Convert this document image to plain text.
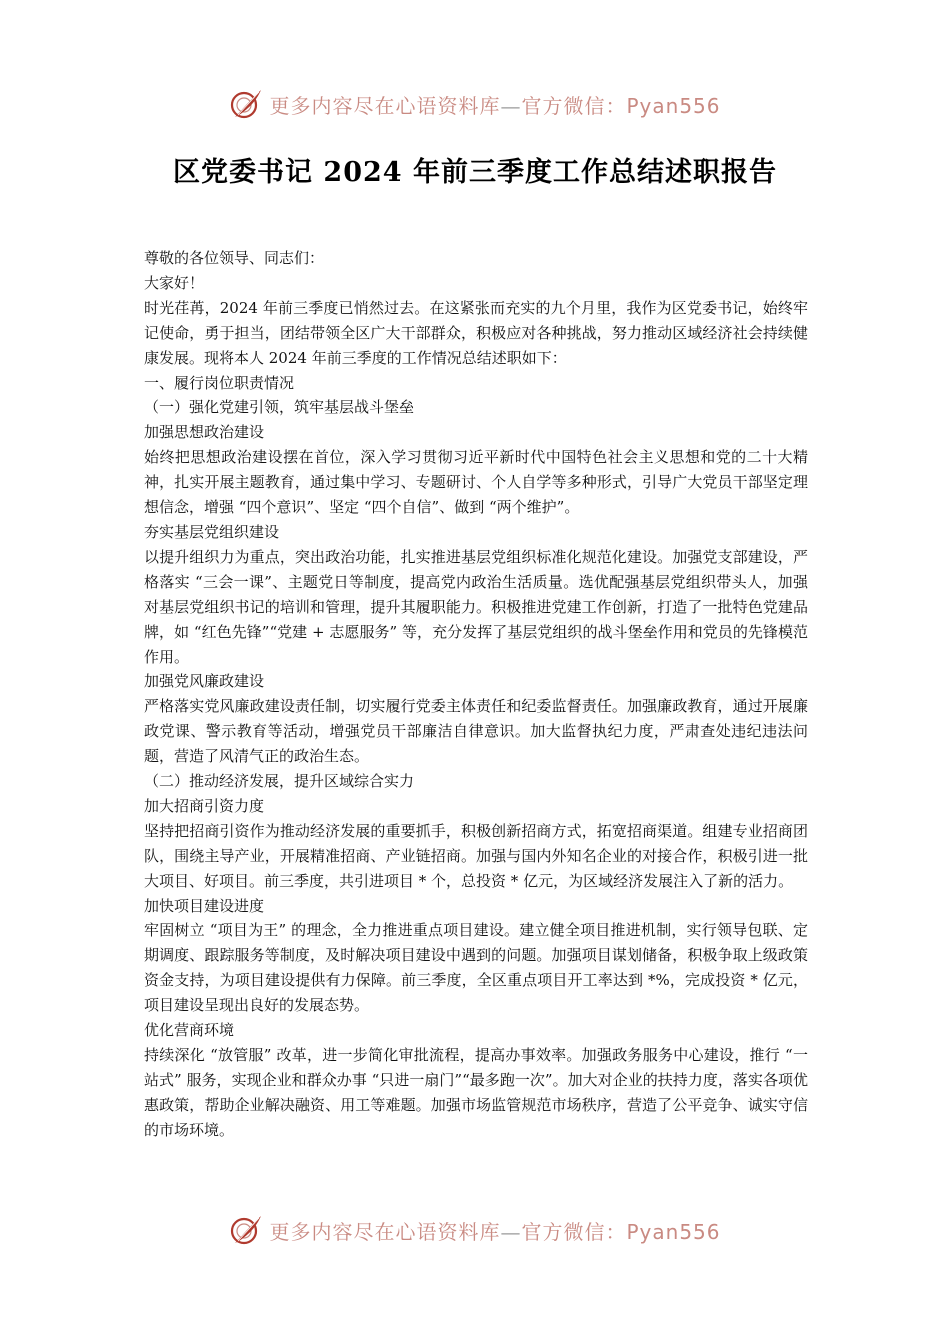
更多内容尽在心语资料库—官方微信：Pyan556
区党委书记 2024 年前三季度工作总结述职报告

尊敬的各位领导、同志们：

大家好！

时光荏苒，2024 年前三季度已悄然过去。在这紧张而充实的九个月里，我作为区党委书记，始终牢记使命，勇于担当，团结带领全区广大干部群众，积极应对各种挑战，努力推动区域经济社会持续健康发展。现将本人 2024 年前三季度的工作情况总结述职如下：

一、履行岗位职责情况

（一）强化党建引领，筑牢基层战斗堡垒

加强思想政治建设

始终把思想政治建设摆在首位，深入学习贯彻习近平新时代中国特色社会主义思想和党的二十大精神，扎实开展主题教育，通过集中学习、专题研讨、个人自学等多种形式，引导广大党员干部坚定理想信念，增强 “四个意识”、坚定 “四个自信”、做到 “两个维护”。

夯实基层党组织建设

以提升组织力为重点，突出政治功能，扎实推进基层党组织标准化规范化建设。加强党支部建设，严格落实 “三会一课”、主题党日等制度，提高党内政治生活质量。选优配强基层党组织带头人，加强对基层党组织书记的培训和管理，提升其履职能力。积极推进党建工作创新，打造了一批特色党建品牌，如 “红色先锋”“党建 + 志愿服务” 等，充分发挥了基层党组织的战斗堡垒作用和党员的先锋模范作用。

加强党风廉政建设

严格落实党风廉政建设责任制，切实履行党委主体责任和纪委监督责任。加强廉政教育，通过开展廉政党课、警示教育等活动，增强党员干部廉洁自律意识。加大监督执纪力度，严肃查处违纪违法问题，营造了风清气正的政治生态。

（二）推动经济发展，提升区域综合实力

加大招商引资力度

坚持把招商引资作为推动经济发展的重要抓手，积极创新招商方式，拓宽招商渠道。组建专业招商团队，围绕主导产业，开展精准招商、产业链招商。加强与国内外知名企业的对接合作，积极引进一批大项目、好项目。前三季度，共引进项目 * 个，总投资 * 亿元，为区域经济发展注入了新的活力。

加快项目建设进度

牢固树立 “项目为王” 的理念，全力推进重点项目建设。建立健全项目推进机制，实行领导包联、定期调度、跟踪服务等制度，及时解决项目建设中遇到的问题。加强项目谋划储备，积极争取上级政策资金支持，为项目建设提供有力保障。前三季度，全区重点项目开工率达到 *%，完成投资 * 亿元，项目建设呈现出良好的发展态势。

优化营商环境

持续深化 “放管服” 改革，进一步简化审批流程，提高办事效率。加强政务服务中心建设，推行 “一站式” 服务，实现企业和群众办事 “只进一扇门”“最多跑一次”。加大对企业的扶持力度，落实各项优惠政策，帮助企业解决融资、用工等难题。加强市场监管规范市场秩序，营造了公平竞争、诚实守信的市场环境。

更多内容尽在心语资料库—官方微信：Pyan556
